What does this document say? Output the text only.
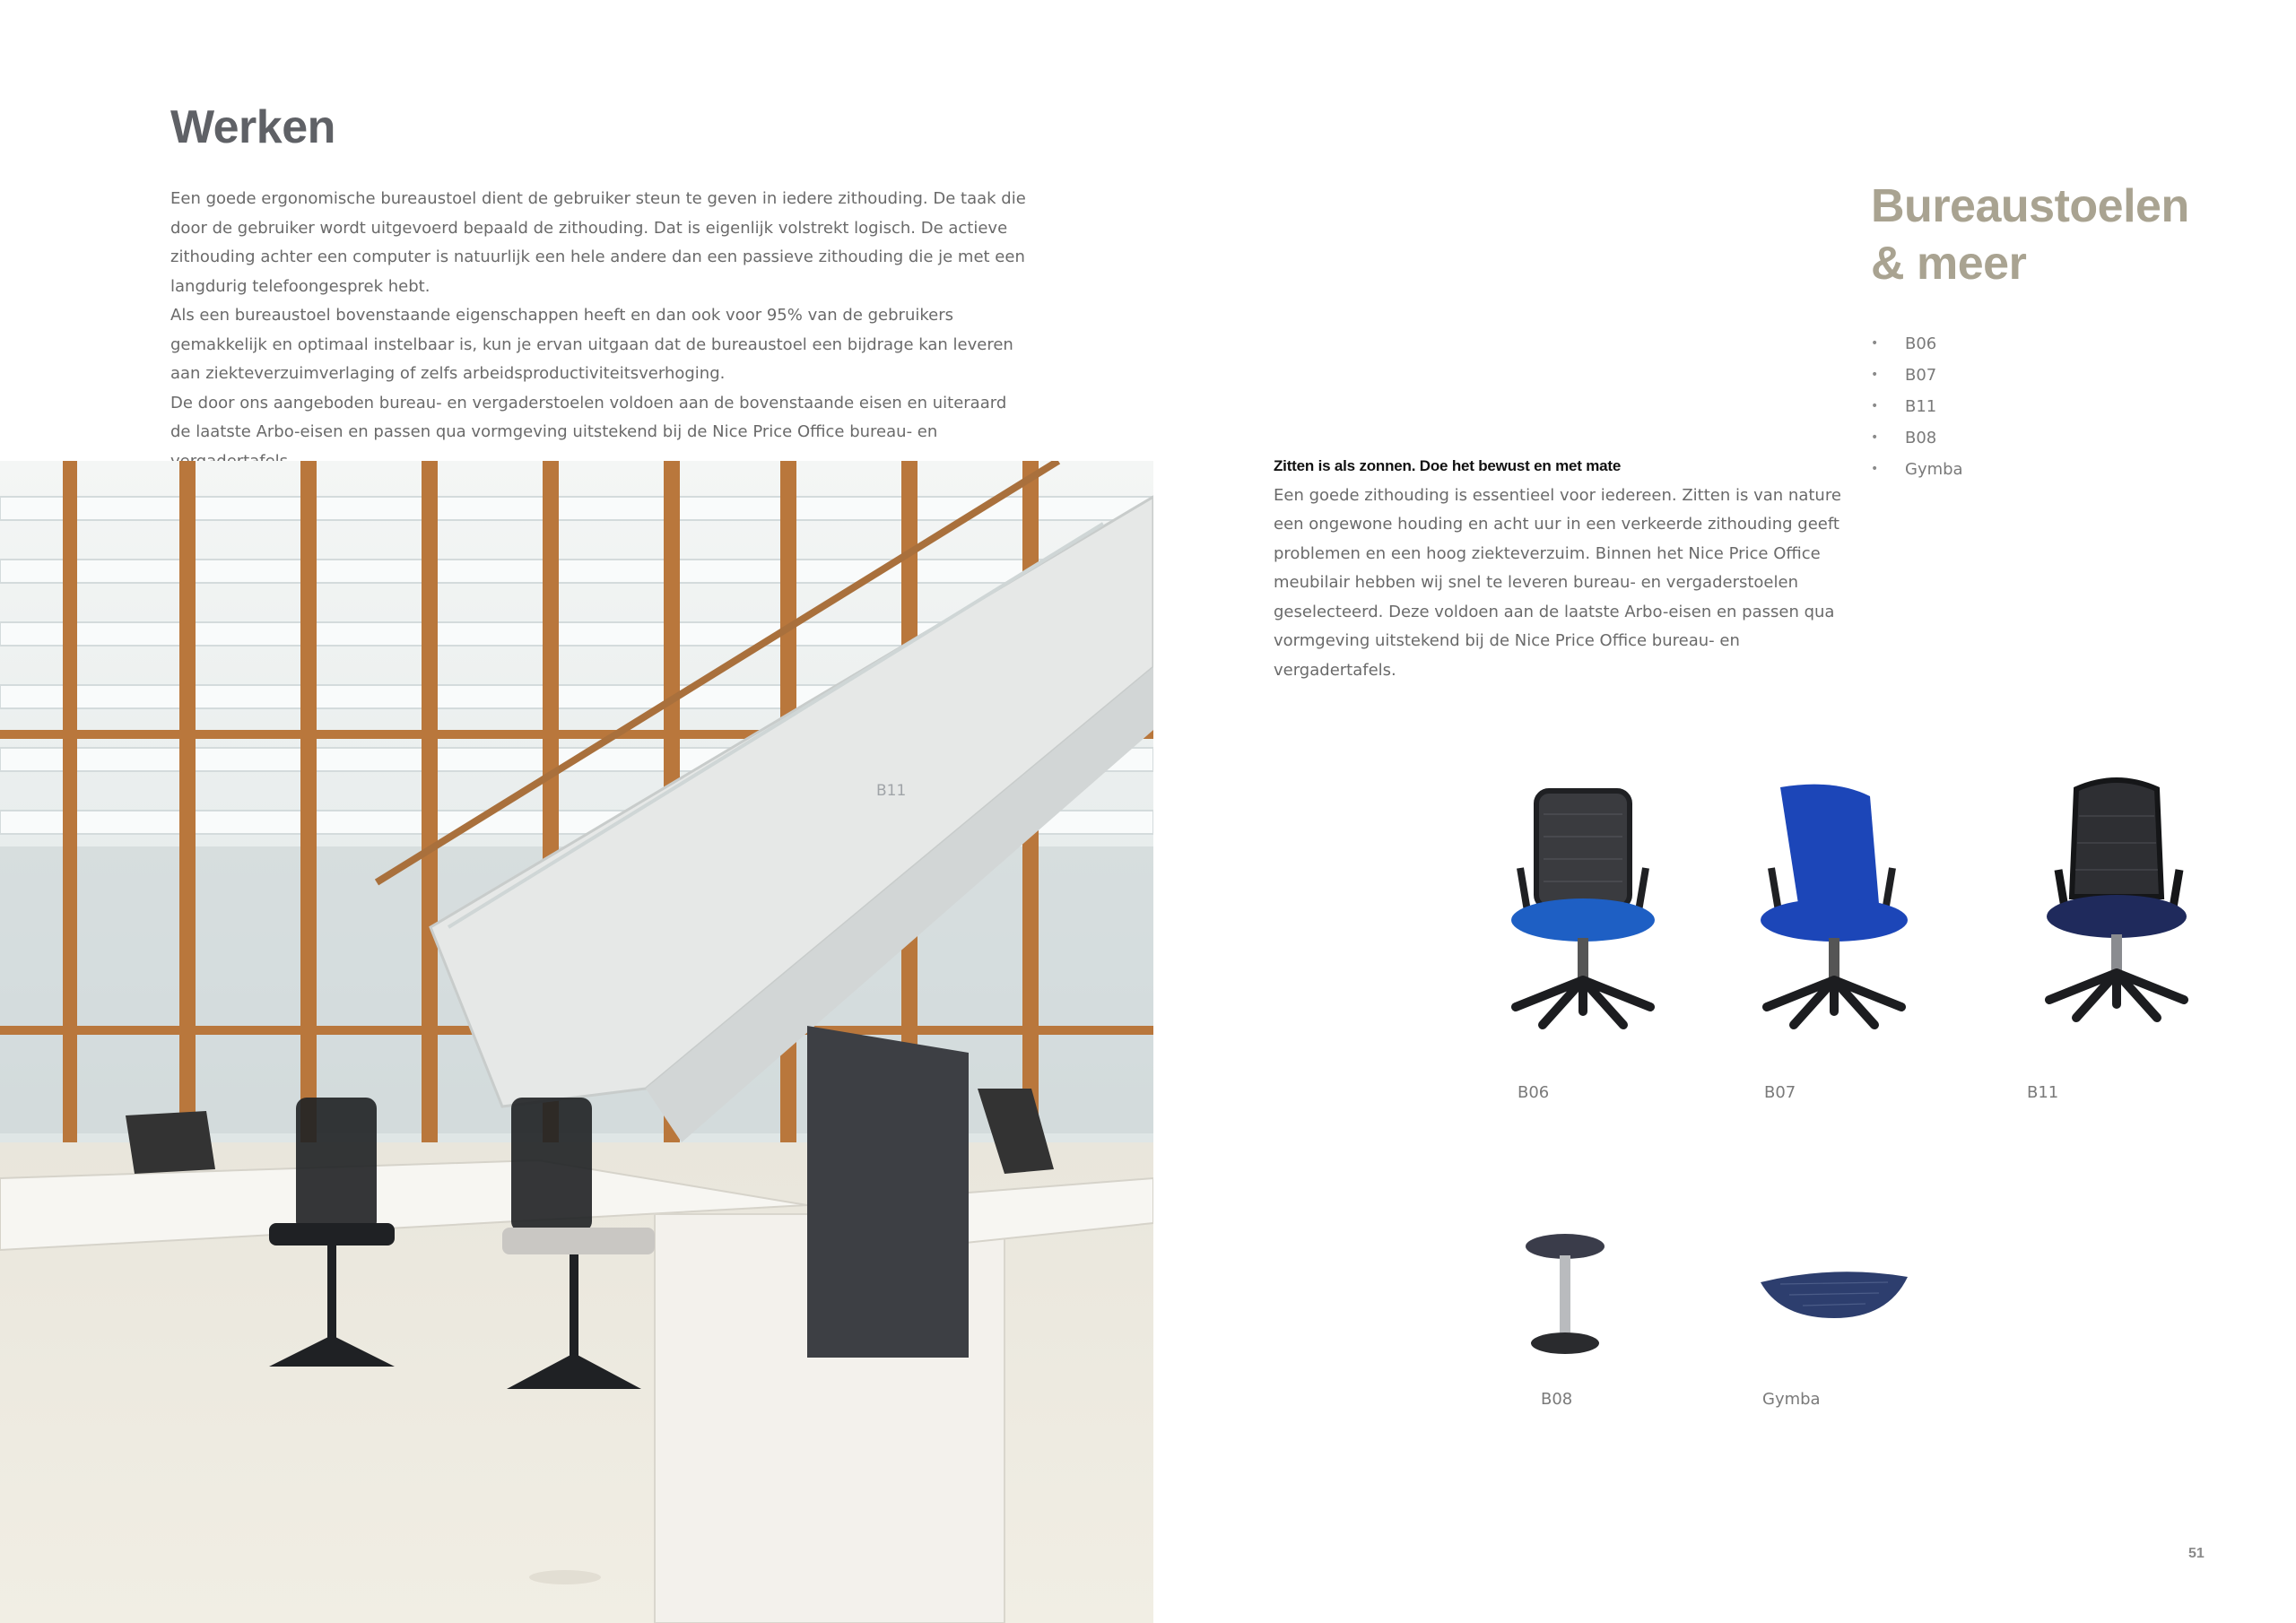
Werken

Een goede ergonomische bureaustoel dient de gebruiker steun te geven in iedere zithouding. De taak die door de gebruiker wordt uitgevoerd bepaald de zithouding. Dat is eigenlijk volstrekt logisch. De actieve zithouding achter een computer is natuurlijk een hele andere dan een passieve zithouding die je met een langdurig telefoongesprek hebt.

Als een bureaustoel bovenstaande eigenschappen heeft en dan ook voor 95% van de gebruikers gemakkelijk en optimaal instelbaar is, kun je ervan uitgaan dat de bureaustoel een bijdrage kan leveren aan ziekteverzuimverlaging of zelfs arbeidsproductiviteitsverhoging.

De door ons aangeboden bureau- en vergaderstoelen voldoen aan de bovenstaande eisen en uiteraard de laatste Arbo-eisen en passen qua vormgeving uitstekend bij de Nice Price Office bureau- en

B11

Zitten is als zonnen. Doe het bewust en met mate

Een goede zithouding is essentieel voor iedereen. Zitten is van nature een ongewone houding en acht uur in een verkeerde zithouding geeft problemen en een hoog ziekteverzuim. Binnen het Nice Price Office meubilair hebben wij snel te leveren bureau- en vergaderstoelen geselecteerd. Deze voldoen aan de laatste Arbo-eisen en passen qua vormgeving uitstekend bij de Nice Price Office bureau- en vergadertafels.

Bureaustoelen
& meer
• B06
• B07
• B11
• B08
• Gymba
B06	B07	B11
B08	Gymba
51
